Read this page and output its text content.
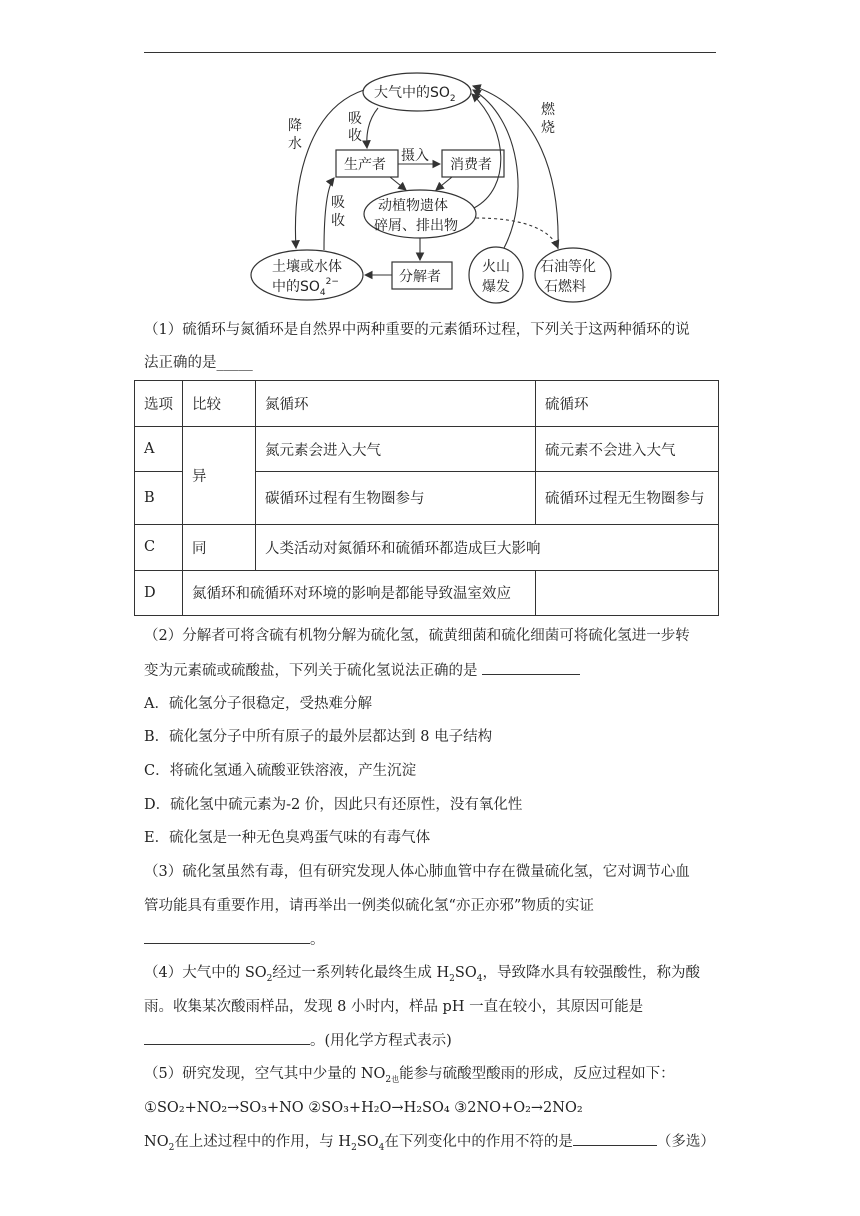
大气中的$SO_2$
生产者	消费者
动植物遗体
碎屑、排出物
分解者
土壤或水体
中的$SO_4^{2-}$
火山
爆发
石油等化
石燃料
降
水
吸
收
摄入
吸
收
燃
烧
（1）硫循环与氮循环是自然界中两种重要的元素循环过程，下列关于这两种循环的说
法正确的是_____
选项	比较	氮循环	硫循环
A	异	氮元素会进入大气	硫元素不会进入大气
B		碳循环过程有生物圈参与	硫循环过程无生物圈参与
C	同	人类活动对氮循环和硫循环都造成巨大影响	
D	氮循环和硫循环对环境的影响是都能导致温室效应		
（2）分解者可将含硫有机物分解为硫化氢，硫黄细菌和硫化细菌可将硫化氢进一步转
变为元素硫或硫酸盐，下列关于硫化氢说法正确的是
A．硫化氢分子很稳定，受热难分解
B．硫化氢分子中所有原子的最外层都达到 8 电子结构
C．将硫化氢通入硫酸亚铁溶液，产生沉淀
D．硫化氢中硫元素为-2 价，因此只有还原性，没有氧化性
E．硫化氢是一种无色臭鸡蛋气味的有毒气体
（3）硫化氢虽然有毒，但有研究发现人体心肺血管中存在微量硫化氢，它对调节心血
管功能具有重要作用，请再举出一例类似硫化氢“亦正亦邪”物质的实证
。
（4）大气中的 $SO_2$经过一系列转化最终生成 $H_2SO_4$，导致降水具有较强酸性，称为酸
雨。收集某次酸雨样品，发现 8 小时内，样品 pH 一直在较小，其原因可能是
。(用化学方程式表示)
（5）研究发现，空气其中少量的 $NO_{2也}$能参与硫酸型酸雨的形成，反应过程如下：
①SO₂+NO₂→SO₃+NO ②SO₃+H₂O→H₂SO₄ ③2NO+O₂→2NO₂
$NO_2$在上述过程中的作用，与 $H_2SO_4$在下列变化中的作用不符的是	（多选）
